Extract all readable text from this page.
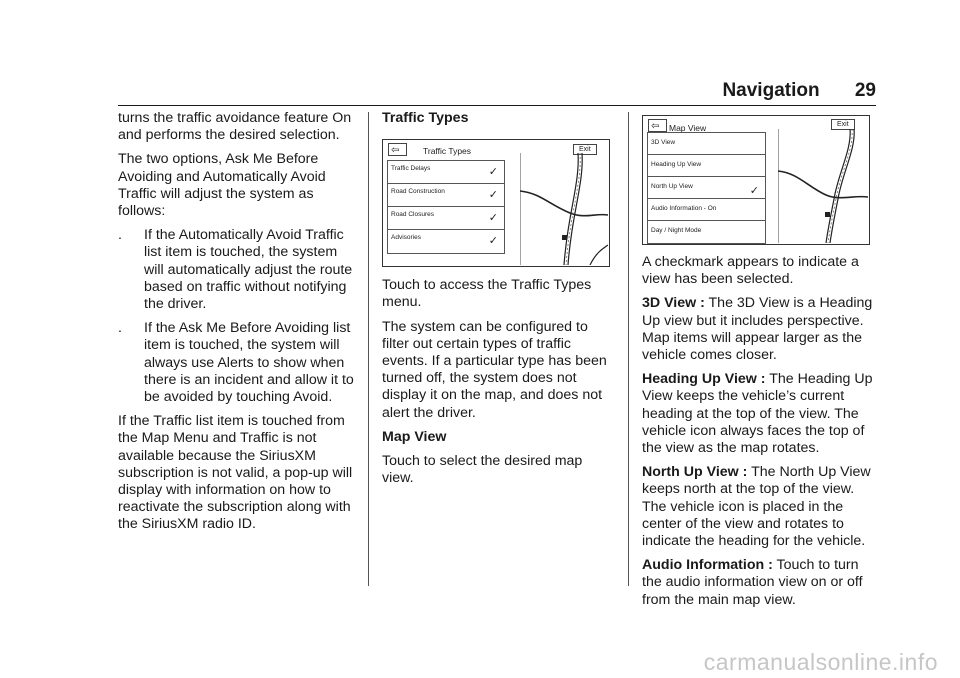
Navigation 29

turns the traffic avoidance feature On and performs the desired selection.

The two options, Ask Me Before Avoiding and Automatically Avoid Traffic will adjust the system as follows:

. If the Automatically Avoid Traffic list item is touched, the system will automatically adjust the route based on traffic without notifying the driver.
. If the Ask Me Before Avoiding list item is touched, the system will always use Alerts to show when there is an incident and allow it to be avoided by touching Avoid.

If the Traffic list item is touched from the Map Menu and Traffic is not available because the SiriusXM subscription is not valid, a pop-up will display with information on how to reactivate the subscription along with the SiriusXM radio ID.

Traffic Types

⇦	Traffic Types	Exit
Traffic Delays	✓
Road Construction	✓
Road Closures	✓
Advisories	✓

Touch to access the Traffic Types menu.

The system can be configured to filter out certain types of traffic events. If a particular type has been turned off, the system does not display it on the map, and does not alert the driver.

Map View

Touch to select the desired map view.

⇦ Map View	Exit
3D View
Heading Up View
North Up View	✓
Audio Information - On
Day / Night Mode

A checkmark appears to indicate a view has been selected.

3D View : The 3D View is a Heading Up view but it includes perspective. Map items will appear larger as the vehicle comes closer.

Heading Up View : The Heading Up View keeps the vehicle’s current heading at the top of the view. The vehicle icon always faces the top of the view as the map rotates.

North Up View : The North Up View keeps north at the top of the view. The vehicle icon is placed in the center of the view and rotates to indicate the heading for the vehicle.

Audio Information : Touch to turn the audio information view on or off from the main map view.

carmanualsonline.info
